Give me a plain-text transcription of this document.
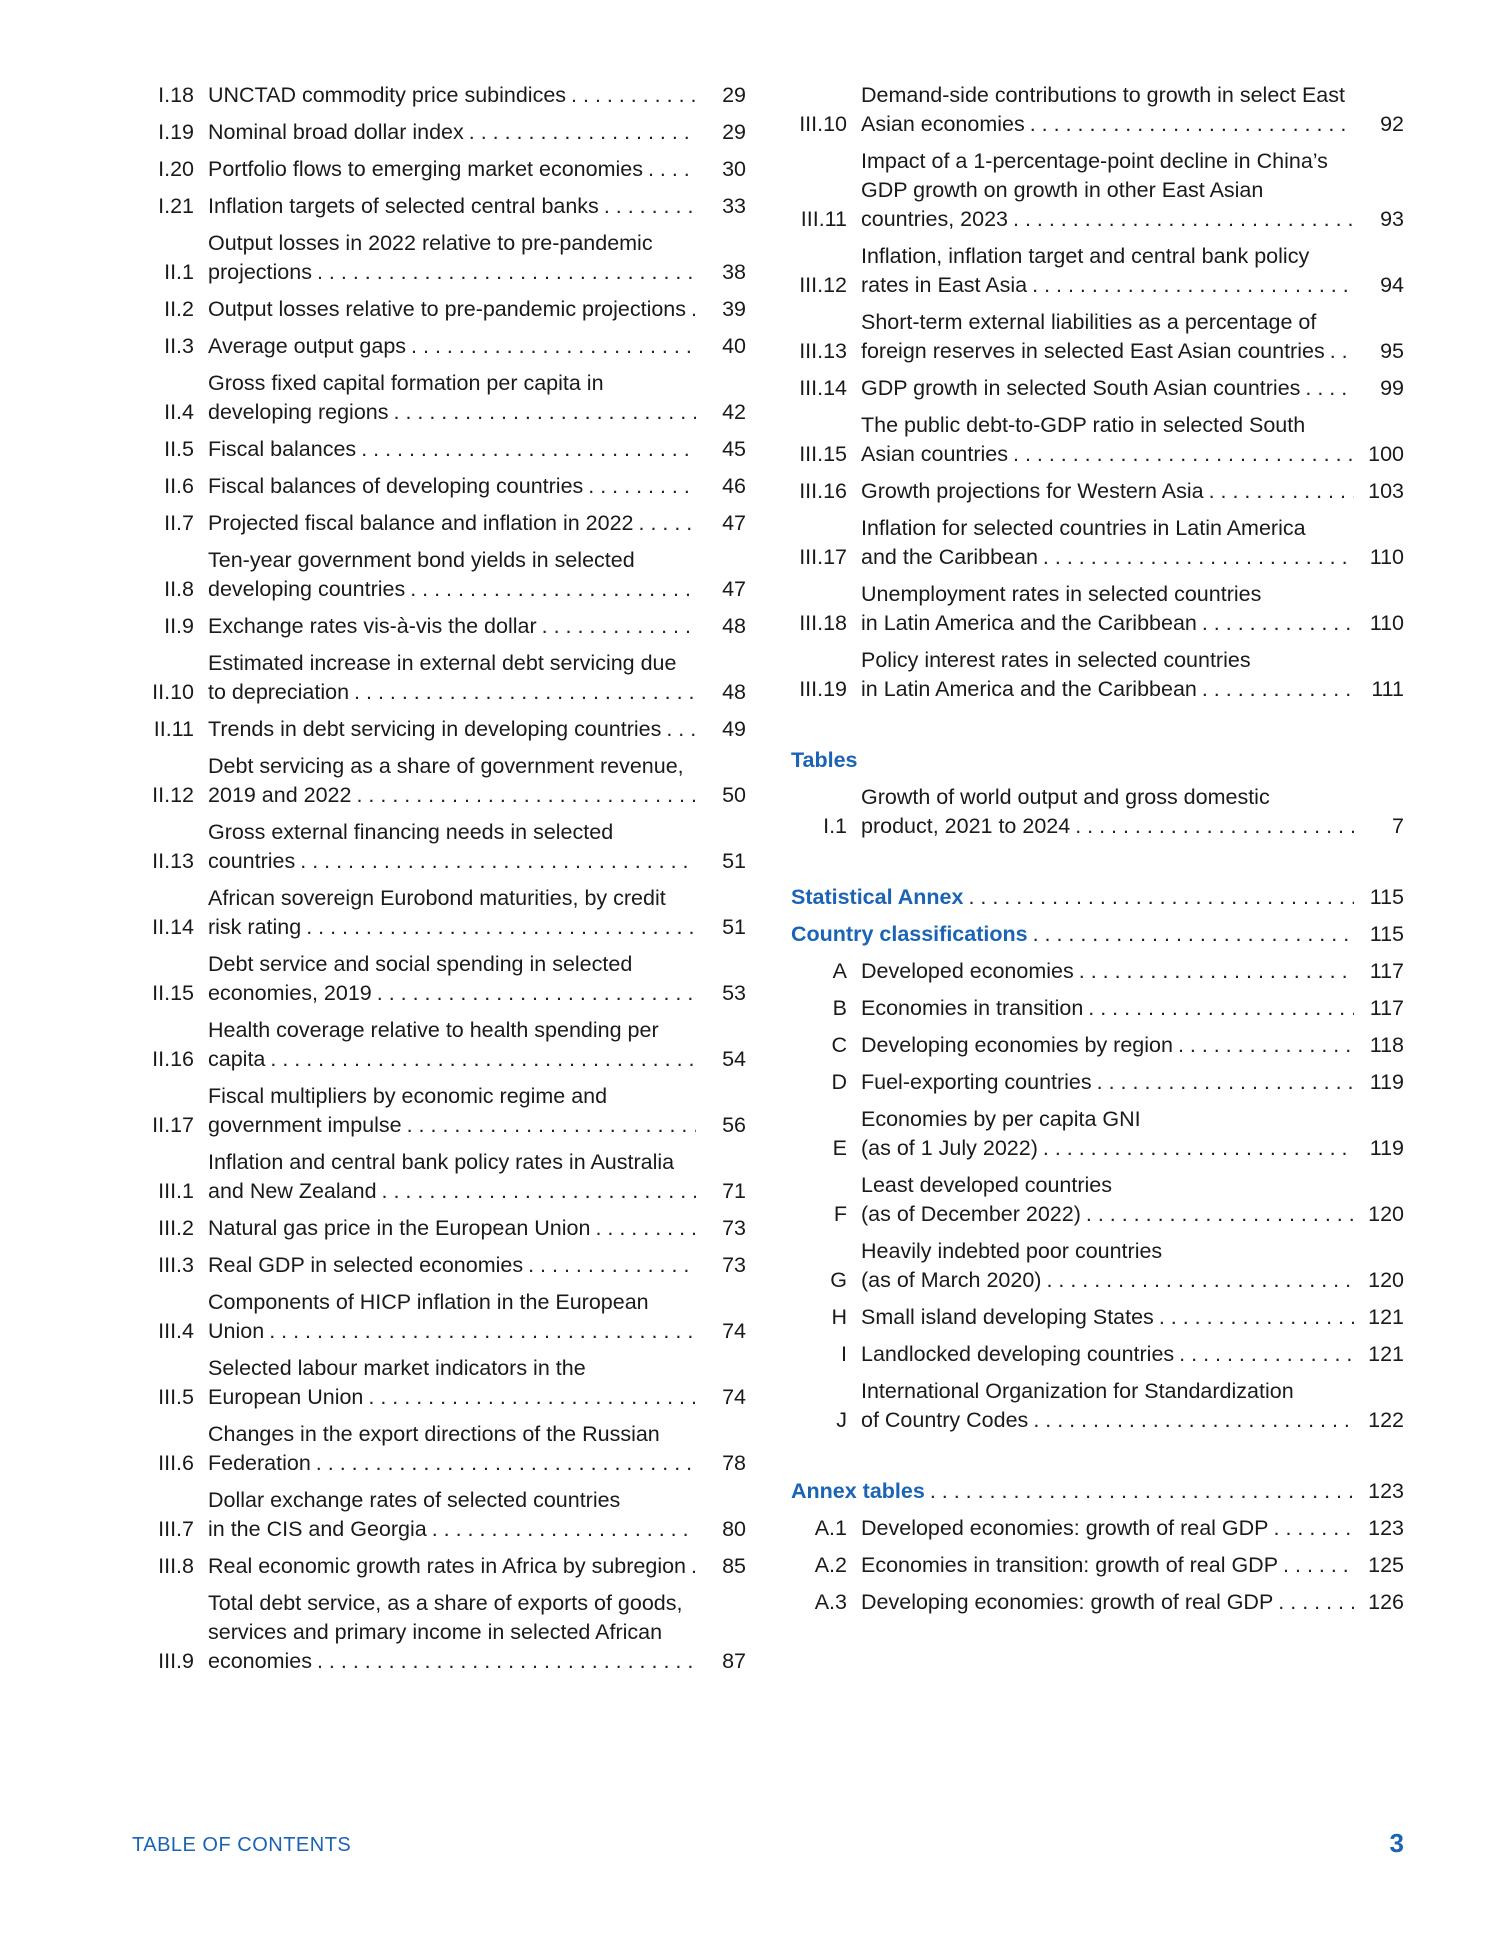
I.18 UNCTAD commodity price subindices . . .	29
I.19 Nominal broad dollar index . . .	29
I.20 Portfolio flows to emerging market economies . . .	30
I.21 Inflation targets of selected central banks . . .	33
II.1
Output losses in 2022 relative to pre-pandemic
projections . . .	38
II.2 Output losses relative to pre-pandemic projections . . .	39
II.3 Average output gaps . . .	40
II.4
Gross fixed capital formation per capita in
developing regions . . .	42
II.5 Fiscal balances . . .	45
II.6 Fiscal balances of developing countries . . .	46
II.7 Projected fiscal balance and inflation in 2022 . . .	47
II.8
Ten-year government bond yields in selected
developing countries . . .	47
II.9 Exchange rates vis-à-vis the dollar . . .	48
II.10
Estimated increase in external debt servicing due
to depreciation . . .	48
II.11 Trends in debt servicing in developing countries . . .	49
II.12
Debt servicing as a share of government revenue,
2019 and 2022 . . .	50
II.13
Gross external financing needs in selected
countries . . .	51
II.14
African sovereign Eurobond maturities, by credit
risk rating . . .	51
II.15
Debt service and social spending in selected
economies, 2019 . . .	53
II.16
Health coverage relative to health spending per
capita . . .	54
II.17
Fiscal multipliers by economic regime and
government impulse . . .	56
III.1
Inflation and central bank policy rates in Australia
and New Zealand . . .	71
III.2 Natural gas price in the European Union . . .	73
III.3 Real GDP in selected economies . . .	73
III.4
Components of HICP inflation in the European
Union . . .	74
III.5
Selected labour market indicators in the
European Union . . .	74
III.6
Changes in the export directions of the Russian
Federation . . .	78
III.7
Dollar exchange rates of selected countries
in the CIS and Georgia . . .	80
III.8 Real economic growth rates in Africa by subregion . . .	85
III.9
Total debt service, as a share of exports of goods,
services and primary income in selected African
economies . . .	87
III.10
Demand-side contributions to growth in select East
Asian economies . . .	92
III.11
Impact of a 1-percentage-point decline in China’s
GDP growth on growth in other East Asian
countries, 2023 . . .	93
III.12
Inflation, inflation target and central bank policy
rates in East Asia . . .	94
III.13
Short-term external liabilities as a percentage of
foreign reserves in selected East Asian countries . . .	95
III.14 GDP growth in selected South Asian countries . . .	99
III.15
The public debt-to-GDP ratio in selected South
Asian countries . . .	100
III.16 Growth projections for Western Asia . . .	103
III.17
Inflation for selected countries in Latin America
and the Caribbean . . .	110
III.18
Unemployment rates in selected countries
in Latin America and the Caribbean . . .	110
III.19
Policy interest rates in selected countries
in Latin America and the Caribbean . . .	111
Tables
I.1
Growth of world output and gross domestic
product, 2021 to 2024 . . .	7
Statistical Annex . . .	115
Country classifications . . .	115
A Developed economies . . .	117
B Economies in transition . . .	117
C Developing economies by region . . .	118
D Fuel-exporting countries . . .	119
E
Economies by per capita GNI
(as of 1 July 2022) . . .	119
F
Least developed countries
(as of December 2022) . . .	120
G
Heavily indebted poor countries
(as of March 2020) . . .	120
H Small island developing States . . .	121
I Landlocked developing countries . . .	121
J
International Organization for Standardization
of Country Codes . . .	122
Annex tables . . .	123
A.1 Developed economies: growth of real GDP . . .	123
A.2 Economies in transition: growth of real GDP . . .	125
A.3 Developing economies: growth of real GDP . . .	126
TABLE OF CONTENTS	3
